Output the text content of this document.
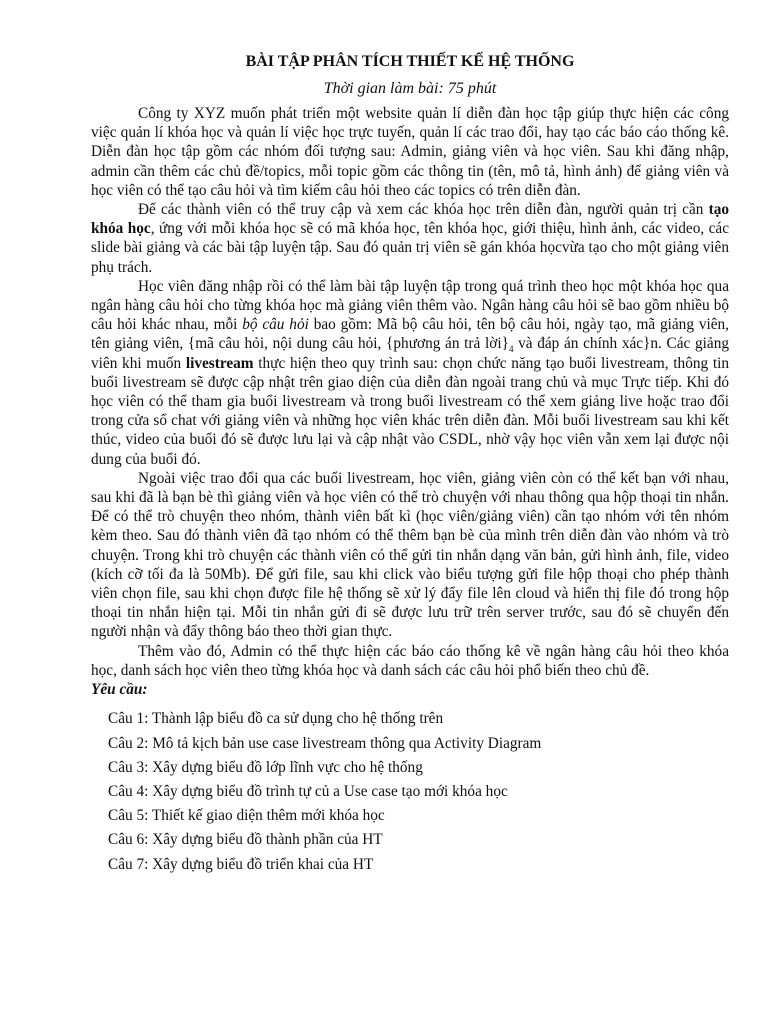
BÀI TẬP PHÂN TÍCH THIẾT KẾ HỆ THỐNG

Thời gian làm bài: 75 phút

Công ty XYZ muốn phát triển một website quản lí diễn đàn học tập giúp thực hiện các công việc quản lí khóa học và quản lí việc học trực tuyến, quản lí các trao đổi, hay tạo các báo cáo thống kê. Diễn đàn học tập gồm các nhóm đối tượng sau: Admin, giảng viên và học viên. Sau khi đăng nhập, admin cần thêm các chủ đề/topics, mỗi topic gồm các thông tin (tên, mô tả, hình ảnh) để giảng viên và học viên có thể tạo câu hỏi và tìm kiếm câu hỏi theo các topics có trên diễn đàn.

Để các thành viên có thể truy cập và xem các khóa học trên diễn đàn, người quản trị cần tạo khóa học, ứng với mỗi khóa học sẽ có mã khóa học, tên khóa học, giới thiệu, hình ảnh, các video, các slide bài giảng và các bài tập luyện tập. Sau đó quản trị viên sẽ gán khóa họcvừa tạo cho một giảng viên phụ trách.

Học viên đăng nhập rồi có thể làm bài tập luyện tập trong quá trình theo học một khóa học qua ngân hàng câu hỏi cho từng khóa học mà giảng viên thêm vào. Ngân hàng câu hỏi sẽ bao gồm nhiều bộ câu hỏi khác nhau, mỗi bộ câu hỏi bao gồm: Mã bộ câu hỏi, tên bộ câu hỏi, ngày tạo, mã giảng viên, tên giảng viên, {mã câu hỏi, nội dung câu hỏi, {phương án trả $lời\}_4$ và đáp án chính xác}n. Các giảng viên khi muốn livestream thực hiện theo quy trình sau: chọn chức năng tạo buổi livestream, thông tin buổi livestream sẽ được cập nhật trên giao diện của diễn đàn ngoài trang chủ và mục Trực tiếp. Khi đó học viên có thể tham gia buổi livestream và trong buổi livestream có thể xem giảng live hoặc trao đổi trong cửa sổ chat với giảng viên và những học viên khác trên diễn đàn. Mỗi buổi livestream sau khi kết thúc, video của buổi đó sẽ được lưu lại và cập nhật vào CSDL, nhờ vậy học viên vẫn xem lại được nội dung của buổi đó.

Ngoài việc trao đổi qua các buổi livestream, học viên, giảng viên còn có thể kết bạn với nhau, sau khi đã là bạn bè thì giảng viên và học viên có thể trò chuyện với nhau thông qua hộp thoại tin nhắn. Để có thể trò chuyện theo nhóm, thành viên bất kì (học viên/giảng viên) cần tạo nhóm với tên nhóm kèm theo. Sau đó thành viên đã tạo nhóm có thể thêm bạn bè của mình trên diễn đàn vào nhóm và trò chuyện. Trong khi trò chuyện các thành viên có thể gửi tin nhắn dạng văn bản, gửi hình ảnh, file, video (kích cỡ tối đa là 50Mb). Để gửi file, sau khi click vào biểu tượng gửi file hộp thoại cho phép thành viên chọn file, sau khi chọn được file hệ thống sẽ xử lý đẩy file lên cloud và hiển thị file đó trong hộp thoại tin nhắn hiện tại. Mỗi tin nhắn gửi đi sẽ được lưu trữ trên server trước, sau đó sẽ chuyển đến người nhận và đẩy thông báo theo thời gian thực.

Thêm vào đó, Admin có thể thực hiện các báo cáo thống kê về ngân hàng câu hỏi theo khóa học, danh sách học viên theo từng khóa học và danh sách các câu hỏi phổ biến theo chủ đề.

Yêu cầu:

Câu 1: Thành lập biểu đồ ca sử dụng cho hệ thống trên
Câu 2: Mô tả kịch bản use case livestream thông qua Activity Diagram
Câu 3: Xây dựng biểu đồ lớp lĩnh vực cho hệ thống
Câu 4: Xây dựng biểu đồ trình tự củ a Use case tạo mới khóa học
Câu 5: Thiết kế giao diện thêm mới khóa học
Câu 6: Xây dựng biểu đồ thành phần của HT
Câu 7: Xây dựng biểu đồ triển khai của HT
